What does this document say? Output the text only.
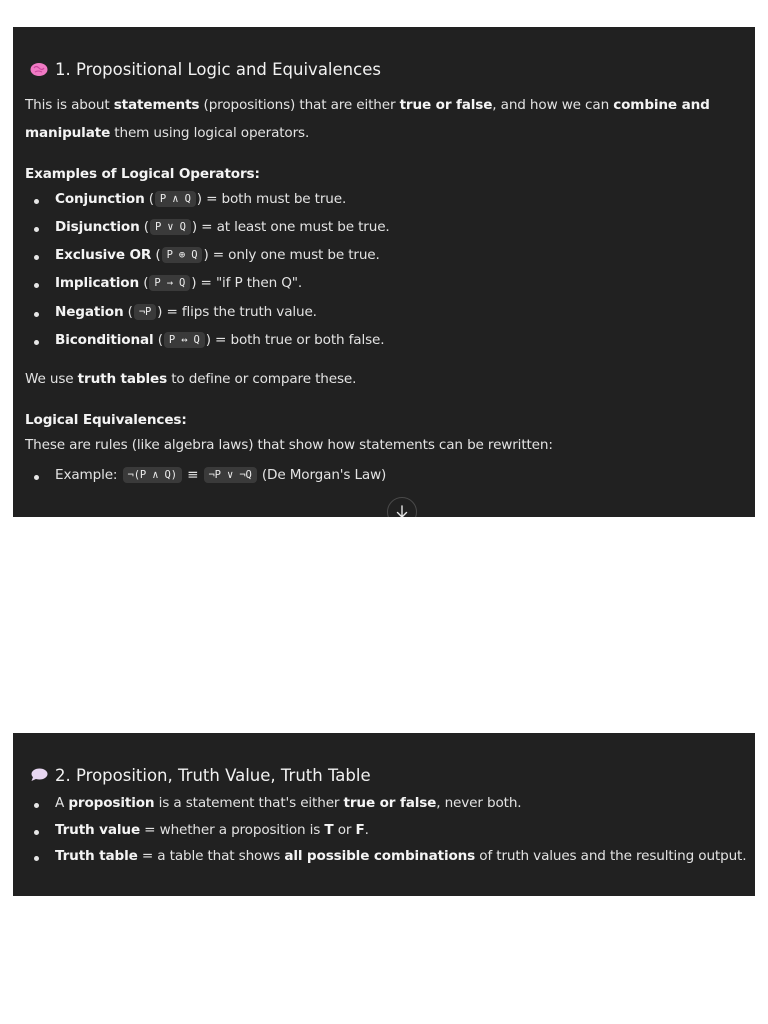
1. Propositional Logic and Equivalences
This is about statements (propositions) that are either true or false, and how we can combine and
manipulate them using logical operators.
Examples of Logical Operators:
Conjunction ( P ∧ Q ) = both must be true.
Disjunction ( P ∨ Q ) = at least one must be true.
Exclusive OR ( P ⊕ Q ) = only one must be true.
Implication ( P → Q ) = "if P then Q".
Negation ( ¬P ) = flips the truth value.
Biconditional ( P ↔ Q ) = both true or both false.
We use truth tables to define or compare these.
Logical Equivalences:
These are rules (like algebra laws) that show how statements can be rewritten:
Example: ¬(P ∧ Q) ≡ ¬P ∨ ¬Q (De Morgan's Law)
2. Proposition, Truth Value, Truth Table
A proposition is a statement that's either true or false, never both.
Truth value = whether a proposition is T or F.
Truth table = a table that shows all possible combinations of truth values and the resulting output.
